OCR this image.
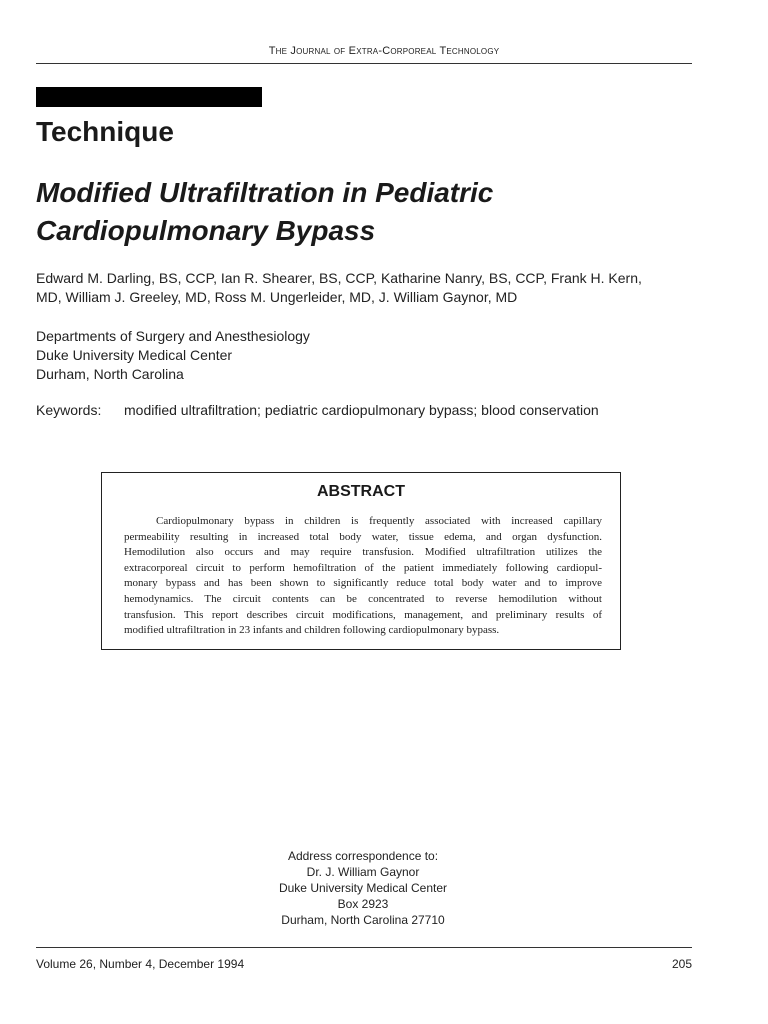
The Journal of Extra-Corporeal Technology
Technique
Modified Ultrafiltration in Pediatric
Cardiopulmonary Bypass
Edward M. Darling, BS, CCP, Ian R. Shearer, BS, CCP, Katharine Nanry, BS, CCP, Frank H. Kern,
MD, William J. Greeley, MD, Ross M. Ungerleider, MD, J. William Gaynor, MD
Departments of Surgery and Anesthesiology
Duke University Medical Center
Durham, North Carolina
Keywords: modified ultrafiltration; pediatric cardiopulmonary bypass; blood conservation
ABSTRACT
Cardiopulmonary bypass in children is frequently associated with increased capillary
permeability resulting in increased total body water, tissue edema, and organ dysfunction.
Hemodilution also occurs and may require transfusion. Modified ultrafiltration utilizes the
extracorporeal circuit to perform hemofiltration of the patient immediately following cardiopul-
monary bypass and has been shown to significantly reduce total body water and to improve
hemodynamics. The circuit contents can be concentrated to reverse hemodilution without
transfusion. This report describes circuit modifications, management, and preliminary results of
modified ultrafiltration in 23 infants and children following cardiopulmonary bypass.
Address correspondence to:
Dr. J. William Gaynor
Duke University Medical Center
Box 2923
Durham, North Carolina 27710
Volume 26, Number 4, December 1994	205
